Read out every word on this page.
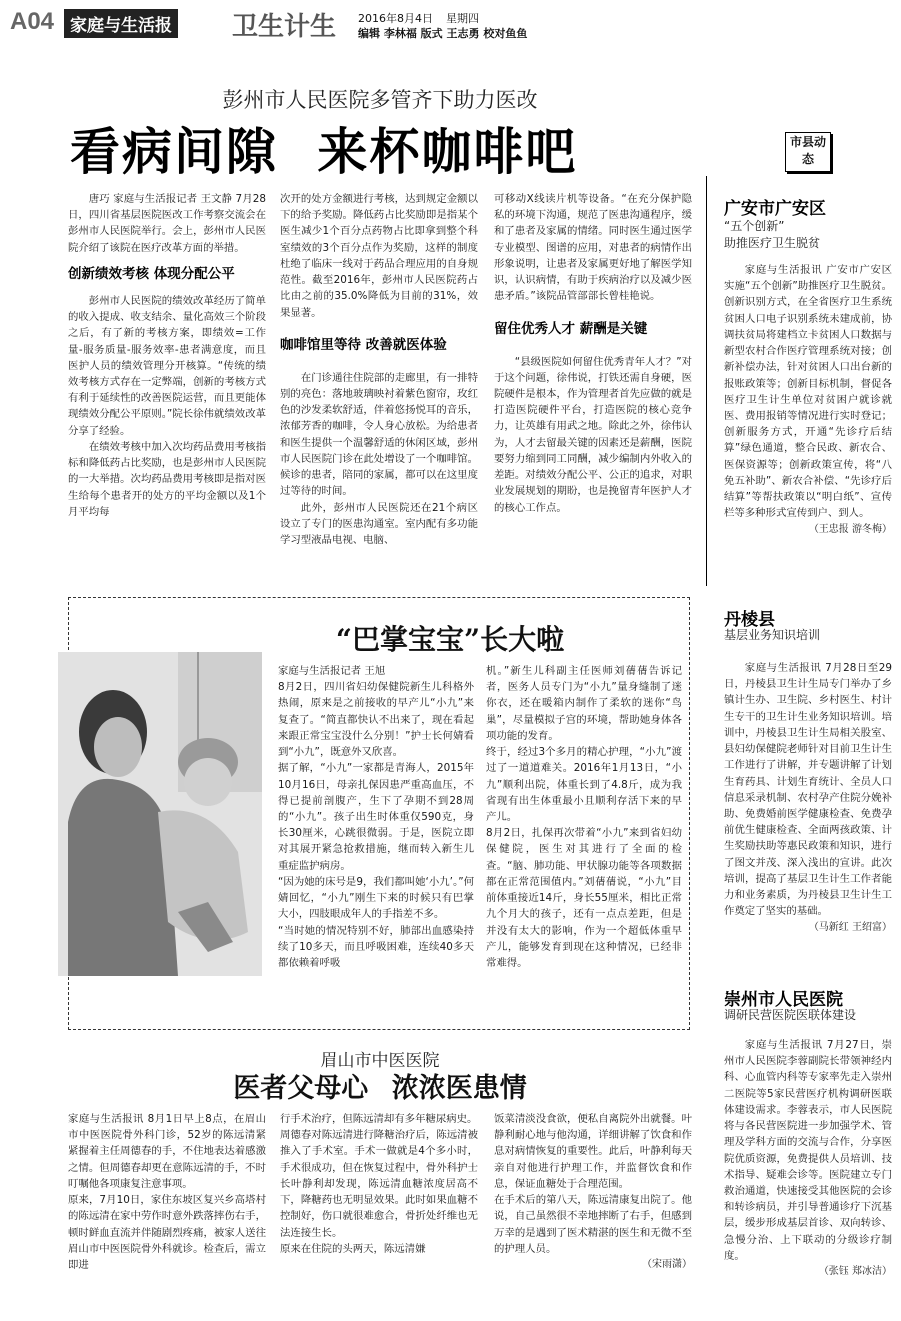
A04 家庭与生活报 卫生计生 2016年8月4日 星期四
编辑 李林福 版式 王志勇 校对鱼鱼
彭州市人民医院多管齐下助力医改
看病间隙 来杯咖啡吧	市县动态

唐巧 家庭与生活报记者 王文静 7月28日，四川省基层医院医改工作考察交流会在彭州市人民医院举行。会上，彭州市人民医院介绍了该院在医疗改革方面的举措。

创新绩效考核 体现分配公平

彭州市人民医院的绩效改革经历了简单的收入提成、收支结余、量化高效三个阶段之后，有了新的考核方案，即绩效=工作量-服务质量-服务效率-患者满意度，而且医护人员的绩效管理分开核算。“传统的绩效考核方式存在一定弊端，创新的考核方式有利于延续性的改善医院运营，而且更能体现绩效分配公平原则。”院长徐伟就绩效改革分享了经验。

在绩效考核中加入次均药品费用考核指标和降低药占比奖励，也是彭州市人民医院的一大举措。次均药品费用考核即是指对医生给每个患者开的处方的平均金额以及1个月平均每

次开的处方金额进行考核，达到规定金额以下的给予奖励。降低药占比奖励即是指某个医生减少1个百分点药物占比即拿到整个科室绩效的3个百分点作为奖励，这样的制度杜绝了临床一线对于药品合理应用的自身规范性。截至2016年，彭州市人民医院药占比由之前的35.0%降低为目前的31%，效果显著。

咖啡馆里等待 改善就医体验

在门诊通往住院部的走廊里，有一排特别的亮色：落地玻璃映衬着紫色窗帘，玫红色的沙发柔软舒适，伴着悠扬悦耳的音乐，浓郁芳香的咖啡，令人身心放松。为给患者和医生提供一个温馨舒适的休闲区域，彭州市人民医院门诊在此处增设了一个咖啡馆。候诊的患者，陪同的家属，都可以在这里度过等待的时间。

此外，彭州市人民医院还在21个病区设立了专门的医患沟通室。室内配有多功能学习型液晶电视、电脑、

可移动X线读片机等设备。“在充分保护隐私的环境下沟通，规范了医患沟通程序，缓和了患者及家属的情绪。同时医生通过医学专业模型、图谱的应用，对患者的病情作出形象说明，让患者及家属更好地了解医学知识，认识病情，有助于疾病治疗以及减少医患矛盾。”该院品管部部长曾桂艳说。

留住优秀人才 薪酬是关键

“县级医院如何留住优秀青年人才？”对于这个问题，徐伟说，打铁还需自身硬，医院硬件是根本，作为管理者首先应做的就是打造医院硬件平台，打造医院的核心竞争力，让英雄有用武之地。除此之外，徐伟认为，人才去留最关键的因素还是薪酬，医院要努力缩到同工同酬，减少编制内外收入的差距。对绩效分配公平、公正的追求，对职业发展规划的期盼，也是挽留青年医护人才的核心工作点。

“巴掌宝宝”长大啦
家庭与生活报记者 王旭
8月2日，四川省妇幼保健院新生儿科格外热闹，原来是之前接收的早产儿“小九”来复查了。“简直都快认不出来了，现在看起来跟正常宝宝没什么分别！”护士长何婧看到“小九”，既意外又欣喜。
据了解，“小九”一家都是青海人，2015年10月16日，母亲扎保因患严重高血压，不得已提前剖腹产，生下了孕期不到28周的“小九”。孩子出生时体重仅590克，身长30厘米，心跳很微弱。于是，医院立即对其展开紧急抢救措施，继而转入新生儿重症监护病房。
“因为她的床号是9，我们都叫她‘小九’。”何婧回忆，“小九”刚生下来的时候只有巴掌大小，四肢眼成年人的手指差不多。
“当时她的情况特别不好，肺部出血感染持续了10多天，而且呼吸困难，连续40多天都依赖着呼吸
机。”新生儿科副主任医师刘蒨蒨告诉记者，医务人员专门为“小九”量身缝制了迷你衣，还在暖箱内制作了柔软的迷你“鸟巢”，尽量模拟子宫的环境，帮助她身体各项功能的发育。
终于，经过3个多月的精心护理，“小九”渡过了一道道难关。2016年1月13日，“小九”顺利出院，体重长到了4.8斤，成为我省现有出生体重最小且顺利存活下来的早产儿。
8月2日，扎保再次带着“小九”来到省妇幼保健院，医生对其进行了全面的检查。“脑、肺功能、甲状腺功能等各项数据都在正常范围值内。”刘蒨蒨说，“小九”目前体重接近14斤，身长55厘米，相比正常九个月大的孩子，还有一点点差距，但是并没有太大的影响，作为一个超低体重早产儿，能够发育到现在这种情况，已经非常难得。
眉山市中医医院
医者父母心 浓浓医患情
家庭与生活报讯 8月1日早上8点，在眉山市中医医院骨外科门诊，52岁的陈远清紧紧握着主任周德春的手，不住地表达着感激之情。但周德春却更在意陈远清的手，不时叮嘱他各项康复注意事项。
原来，7月10日，家住东坡区复兴乡高塔村的陈远清在家中劳作时意外跌落摔伤右手，顿时鲜血直流并伴随剧烈疼痛，被家人送往眉山市中医医院骨外科就诊。检查后，需立即进
行手术治疗，但陈远清却有多年糖尿病史。
周德春对陈远清进行降糖治疗后，陈远清被推入了手术室。手术一做就是4个多小时，手术很成功，但在恢复过程中，骨外科护士长叶静利却发现，陈远清血糖浓度居高不下，降糖药也无明显效果。此时如果血糖不控制好，伤口就很难愈合，骨折处纤维也无法连接生长。
原来在住院的头两天，陈远清嫌
饭菜清淡没食欲，便私自离院外出就餐。叶静利耐心地与他沟通，详细讲解了饮食和作息对病情恢复的重要性。此后，叶静利每天亲自对他进行护理工作，并监督饮食和作息，保证血糖处于合理范围。
在手术后的第八天，陈远清康复出院了。他说，自己虽然很不幸地摔断了右手，但感到万幸的是遇到了医术精湛的医生和无微不至的护理人员。
（宋雨潇）
广安市广安区
“五个创新”
助推医疗卫生脱贫

家庭与生活报讯 广安市广安区实施“五个创新”助推医疗卫生脱贫。创新识别方式，在全省医疗卫生系统贫困人口电子识别系统未建成前，协调扶贫局将建档立卡贫困人口数据与新型农村合作医疗管理系统对接；创新补偿办法，针对贫困人口出台新的报账政策等；创新目标机制，督促各医疗卫生计生单位对贫困户就诊就医、费用报销等情况进行实时登记；创新服务方式，开通“先诊疗后结算”绿色通道，整合民政、新农合、医保资源等；创新政策宣传，将“八免五补助”、新农合补偿、“先诊疗后结算”等帮扶政策以“明白纸”、宣传栏等多种形式宣传到户、到人。

（王忠报 游冬梅）
丹棱县
基层业务知识培训

家庭与生活报讯 7月28日至29日，丹棱县卫生计生局专门举办了乡镇计生办、卫生院、乡村医生、村计生专干的卫生计生业务知识培训。培训中，丹棱县卫生计生局相关股室、县妇幼保健院老师针对目前卫生计生工作进行了讲解，并专题讲解了计划生育药具、计划生育统计、全员人口信息采录机制、农村孕产住院分娩补助、免费婚前医学健康检查、免费孕前优生健康检查、全面两孩政策、计生奖励扶助等惠民政策和知识，进行了图文并茂、深入浅出的宣讲。此次培训，提高了基层卫生计生工作者能力和业务素质，为丹棱县卫生计生工作奠定了坚实的基础。

（马新红 王绍富）
崇州市人民医院
调研民营医院医联体建设

家庭与生活报讯 7月27日，崇州市人民医院李蓉副院长带领神经内科、心血管内科等专家率先走入崇州二医院等5家民营医疗机构调研医联体建设需求。李蓉表示，市人民医院将与各民营医院进一步加强学术、管理及学科方面的交流与合作，分享医院优质资源，免费提供人员培训、技术指导、疑难会诊等。医院建立专门救治通道，快速接受其他医院的会诊和转诊病员，并引导普通诊疗下沉基层，缓步形成基层首诊、双向转诊、急慢分治、上下联动的分级诊疗制度。

（张钰 郑冰洁）
